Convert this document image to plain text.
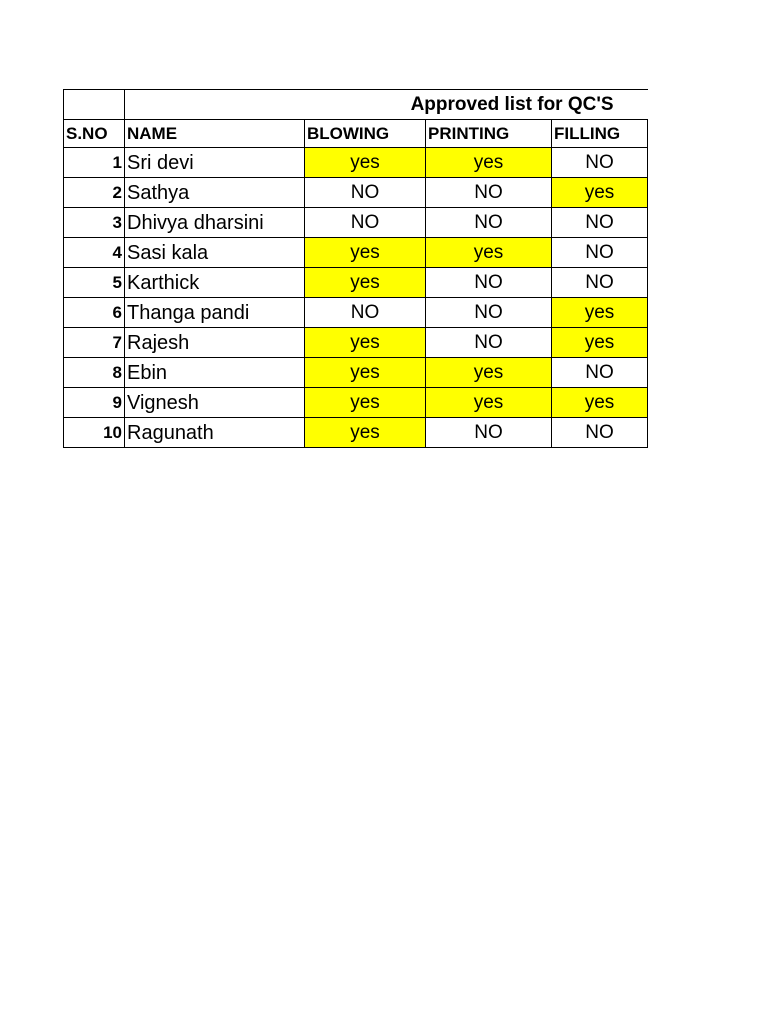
	Approved list for QC'S			
S.NO	NAME	BLOWING	PRINTING	FILLING
1	Sri devi	yes	yes	NO
2	Sathya	NO	NO	yes
3	Dhivya dharsini	NO	NO	NO
4	Sasi kala	yes	yes	NO
5	Karthick	yes	NO	NO
6	Thanga pandi	NO	NO	yes
7	Rajesh	yes	NO	yes
8	Ebin	yes	yes	NO
9	Vignesh	yes	yes	yes
10	Ragunath	yes	NO	NO
